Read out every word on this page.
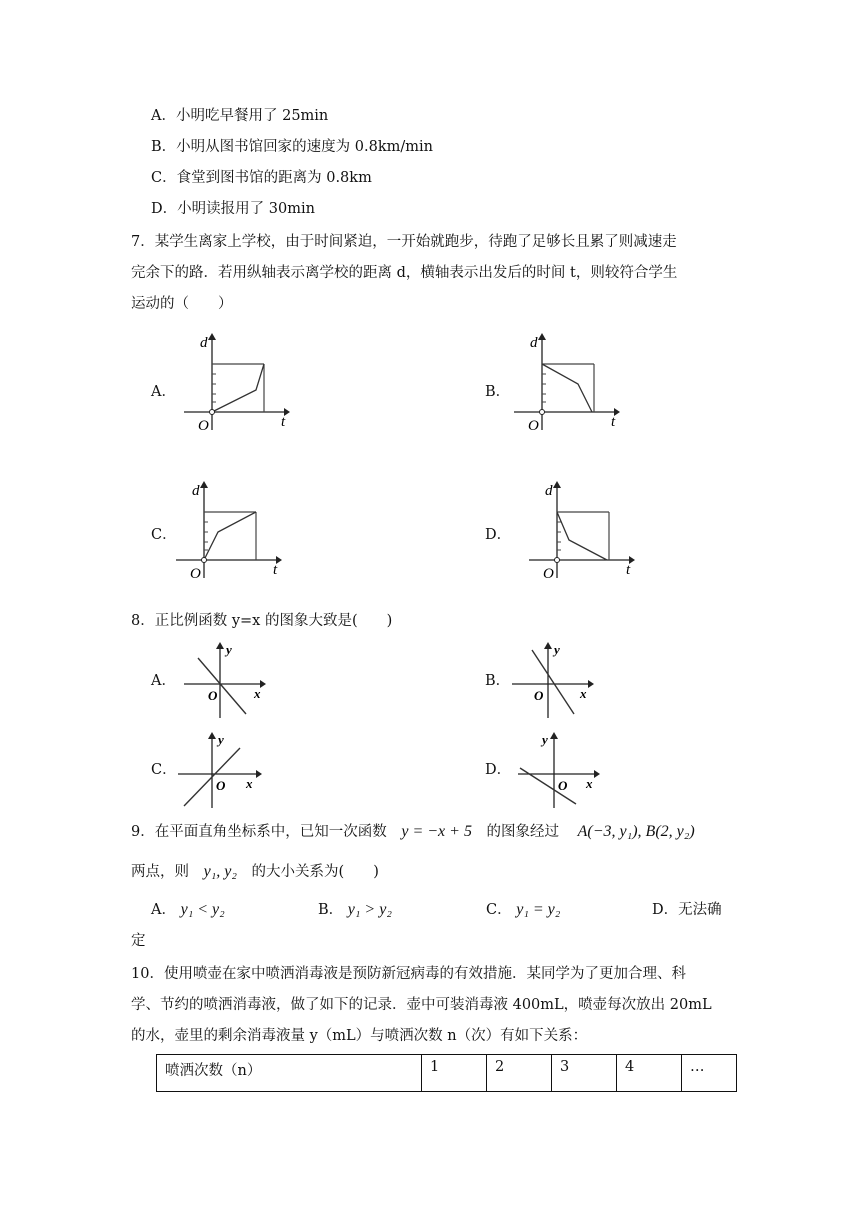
A．小明吃早餐用了 25min
B．小明从图书馆回家的速度为 0.8km/min
C．食堂到图书馆的距离为 0.8km
D．小明读报用了 30min
7．某学生离家上学校，由于时间紧迫，一开始就跑步，待跑了足够长且累了则减速走
完余下的路．若用纵轴表示离学校的距离 d，横轴表示出发后的时间 t，则较符合学生
运动的（　　）
A．	B．
C．	D．
d
t
O
d
t
O
d
t
O
d
t
O
8．正比例函数 y=x 的图象大致是(　　)
A．	B．
C．	D．
y
x
O
y
x
O
y
x
O
y
x
O
9．在平面直角坐标系中，已知一次函数 y = −x + 5 的图象经过 A(−3, y₁), B(2, y₂)
两点，则 y₁, y₂ 的大小关系为(　　)
A． y₁ < y₂	B． y₁ > y₂	C． y₁ = y₂	D．无法确
定
10．使用喷壶在家中喷洒消毒液是预防新冠病毒的有效措施．某同学为了更加合理、科
学、节约的喷洒消毒液，做了如下的记录．壶中可装消毒液 400mL，喷壶每次放出 20mL
的水，壶里的剩余消毒液量 y（mL）与喷洒次数 n（次）有如下关系：
喷洒次数（n）	1	2	3	4	…
